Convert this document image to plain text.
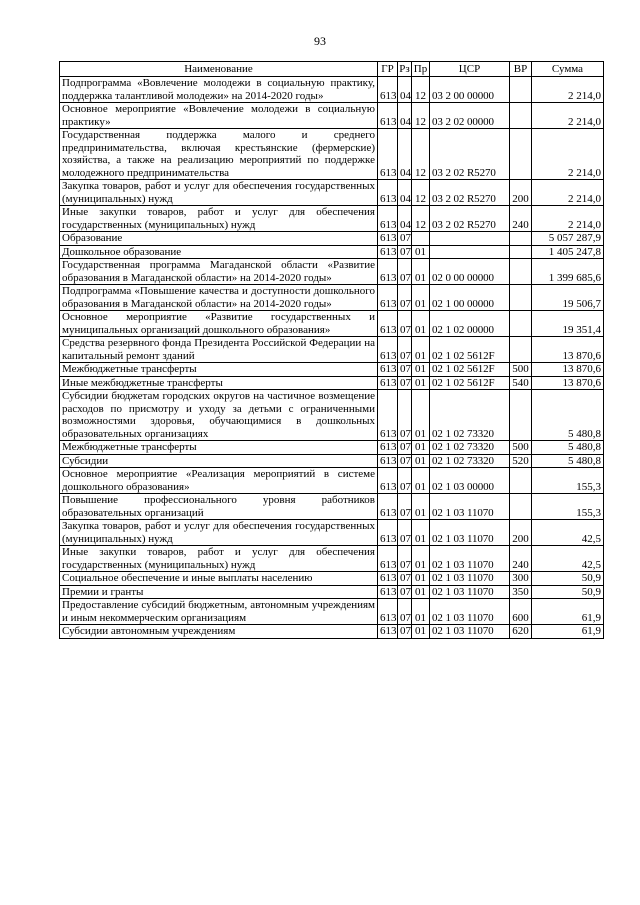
93
Наименование	ГР	Рз	Пр	ЦСР	ВР	Сумма
Подпрограмма «Вовлечение молодежи в социальную практику, поддержка талантливой молодежи» на 2014-2020 годы»	613	04	12	03 2 00 00000		2 214,0
Основное мероприятие «Вовлечение молодежи в социальную практику»	613	04	12	03 2 02 00000		2 214,0
Государственная поддержка малого и среднего предпринимательства, включая крестьянские (фермерские) хозяйства, а также на реализацию мероприятий по поддержке молодежного предпринимательства	613	04	12	03 2 02 R5270		2 214,0
Закупка товаров, работ и услуг для обеспечения государственных (муниципальных) нужд	613	04	12	03 2 02 R5270	200	2 214,0
Иные закупки товаров, работ и услуг для обеспечения государственных (муниципальных) нужд	613	04	12	03 2 02 R5270	240	2 214,0
Образование	613	07				5 057 287,9
Дошкольное образование	613	07	01			1 405 247,8
Государственная программа Магаданской области «Развитие образования в Магаданской области» на 2014-2020 годы»	613	07	01	02 0 00 00000		1 399 685,6
Подпрограмма «Повышение качества и доступности дошкольного образования в Магаданской области» на 2014-2020 годы»	613	07	01	02 1 00 00000		19 506,7
Основное мероприятие «Развитие государственных и муниципальных организаций дошкольного образования»	613	07	01	02 1 02 00000		19 351,4
Средства резервного фонда Президента Российской Федерации на капитальный ремонт зданий	613	07	01	02 1 02 5612F		13 870,6
Межбюджетные трансферты	613	07	01	02 1 02 5612F	500	13 870,6
Иные межбюджетные трансферты	613	07	01	02 1 02 5612F	540	13 870,6
Субсидии бюджетам городских округов на частичное возмещение расходов по присмотру и уходу за детьми с ограниченными возможностями здоровья, обучающимися в дошкольных образовательных организациях	613	07	01	02 1 02 73320		5 480,8
Межбюджетные трансферты	613	07	01	02 1 02 73320	500	5 480,8
Субсидии	613	07	01	02 1 02 73320	520	5 480,8
Основное мероприятие «Реализация мероприятий в системе дошкольного образования»	613	07	01	02 1 03 00000		155,3
Повышение профессионального уровня работников образовательных организаций	613	07	01	02 1 03 11070		155,3
Закупка товаров, работ и услуг для обеспечения государственных (муниципальных) нужд	613	07	01	02 1 03 11070	200	42,5
Иные закупки товаров, работ и услуг для обеспечения государственных (муниципальных) нужд	613	07	01	02 1 03 11070	240	42,5
Социальное обеспечение и иные выплаты населению	613	07	01	02 1 03 11070	300	50,9
Премии и гранты	613	07	01	02 1 03 11070	350	50,9
Предоставление субсидий бюджетным, автономным учреждениям и иным некоммерческим организациям	613	07	01	02 1 03 11070	600	61,9
Субсидии автономным учреждениям	613	07	01	02 1 03 11070	620	61,9
